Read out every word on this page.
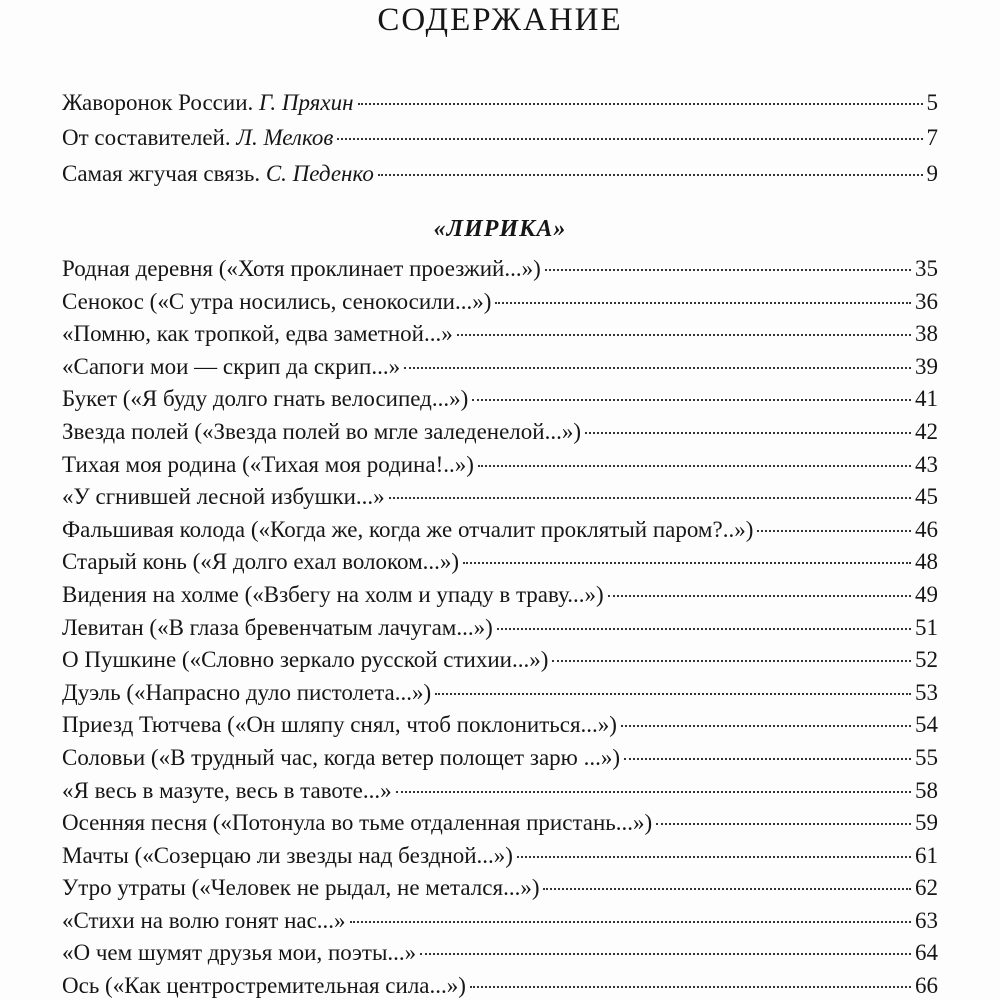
СОДЕРЖАНИЕ
Жаворонок России. Г. Пряхин	5
От составителей. Л. Мелков	7
Самая жгучая связь. С. Педенко	9
«ЛИРИКА»
Родная деревня («Хотя проклинает проезжий...»)	35
Сенокос («С утра носились, сенокосили...»)	36
«Помню, как тропкой, едва заметной...»	38
«Сапоги мои — скрип да скрип...»	39
Букет («Я буду долго гнать велосипед...»)	41
Звезда полей («Звезда полей во мгле заледенелой...»)	42
Тихая моя родина («Тихая моя родина!..»)	43
«У сгнившей лесной избушки...»	45
Фальшивая колода («Когда же, когда же отчалит проклятый паром?..»)	46
Старый конь («Я долго ехал волоком...»)	48
Видения на холме («Взбегу на холм и упаду в траву...»)	49
Левитан («В глаза бревенчатым лачугам...»)	51
О Пушкине («Словно зеркало русской стихии...»)	52
Дуэль («Напрасно дуло пистолета...»)	53
Приезд Тютчева («Он шляпу снял, чтоб поклониться...»)	54
Соловьи («В трудный час, когда ветер полощет зарю ...»)	55
«Я весь в мазуте, весь в тавоте...»	58
Осенняя песня («Потонула во тьме отдаленная пристань...»)	59
Мачты («Созерцаю ли звезды над бездной...»)	61
Утро утраты («Человек не рыдал, не метался...»)	62
«Стихи на волю гонят нас...»	63
«О чем шумят друзья мои, поэты...»	64
Ось («Как центростремительная сила...»)	66
